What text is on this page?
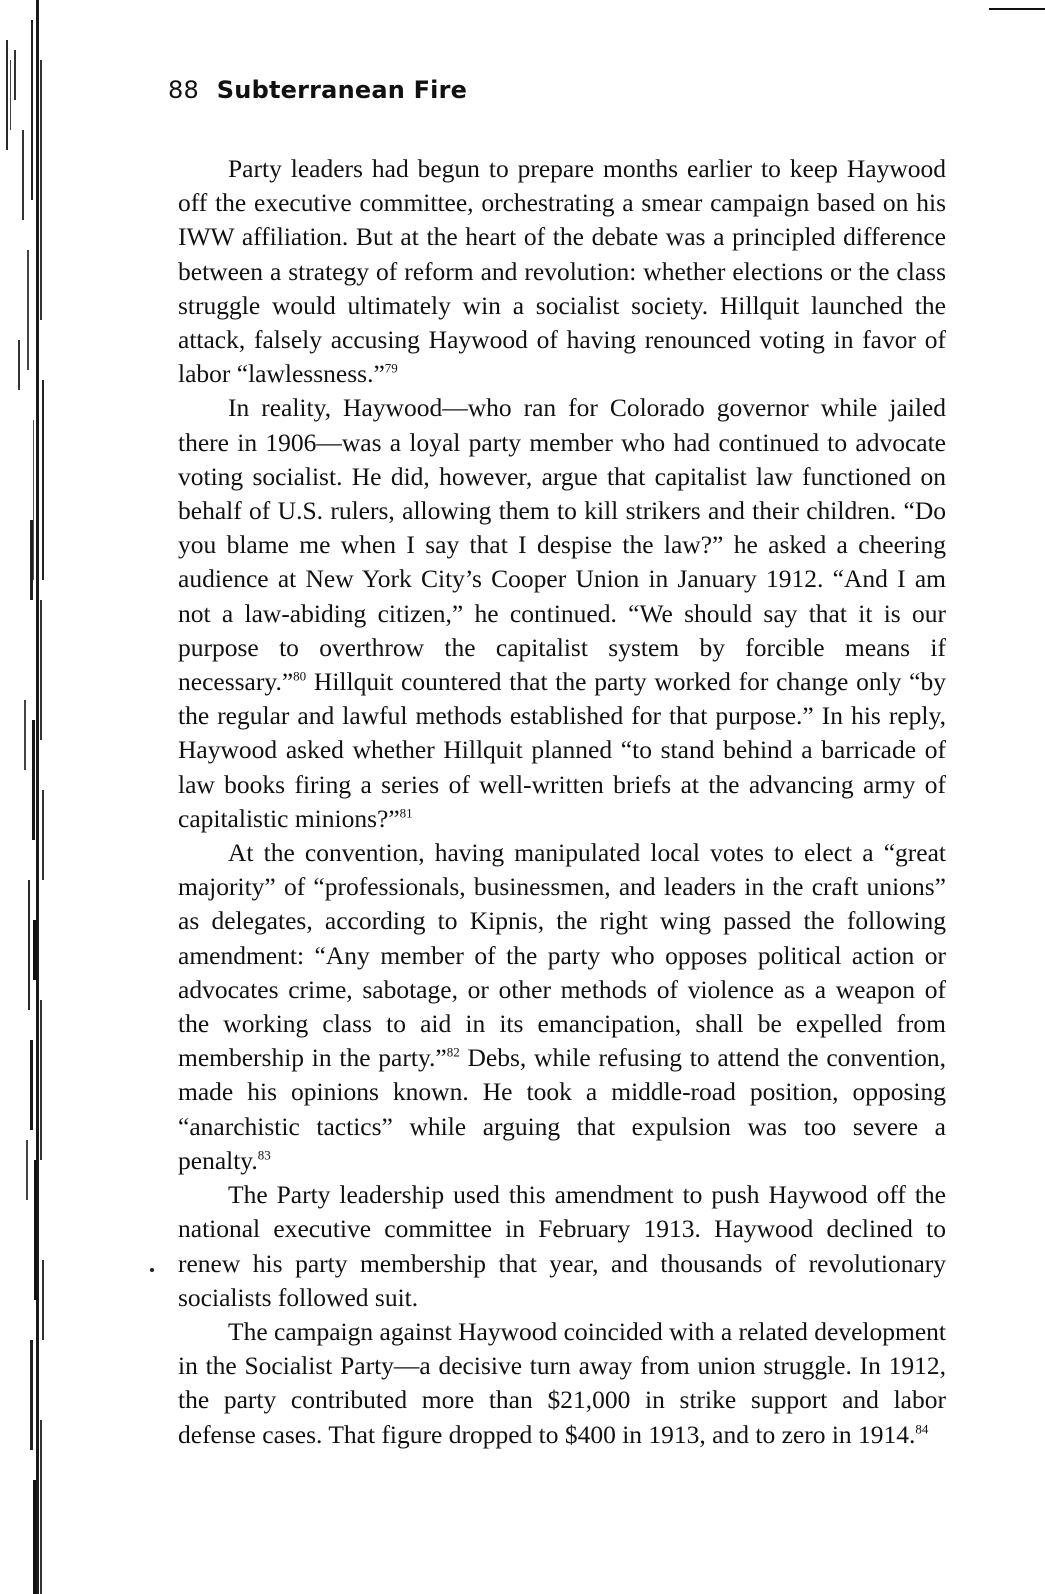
88 Subterranean Fire

Party leaders had begun to prepare months earlier to keep Haywood off the executive committee, orchestrating a smear campaign based on his IWW affiliation. But at the heart of the debate was a principled difference between a strategy of reform and revolution: whether elections or the class struggle would ultimately win a socialist society. Hillquit launched the attack, falsely accusing Haywood of having renounced voting in favor of labor “lawlessness.”$^{79}$

In reality, Haywood—who ran for Colorado governor while jailed there in 1906—was a loyal party member who had continued to advocate voting socialist. He did, however, argue that capitalist law functioned on behalf of U.S. rulers, allowing them to kill strikers and their children. “Do you blame me when I say that I despise the law?” he asked a cheering audience at New York City’s Cooper Union in January 1912. “And I am not a law-abiding citizen,” he continued. “We should say that it is our purpose to overthrow the capitalist system by forcible means if necessary.”$^{80}$ Hillquit countered that the party worked for change only “by the regular and lawful methods established for that purpose.” In his reply, Haywood asked whether Hillquit planned “to stand behind a barricade of law books firing a series of well-written briefs at the advancing army of capitalistic minions?”$^{81}$

At the convention, having manipulated local votes to elect a “great majority” of “professionals, businessmen, and leaders in the craft unions” as delegates, according to Kipnis, the right wing passed the following amendment: “Any member of the party who opposes political action or advocates crime, sabotage, or other methods of violence as a weapon of the working class to aid in its emancipation, shall be expelled from membership in the party.”$^{82}$ Debs, while refusing to attend the convention, made his opinions known. He took a middle-road position, opposing “anarchistic tactics” while arguing that expulsion was too severe a penalty.$^{83}$

The Party leadership used this amendment to push Haywood off the national executive committee in February 1913. Haywood declined to renew his party membership that year, and thousands of revolutionary socialists followed suit.

The campaign against Haywood coincided with a related development in the Socialist Party—a decisive turn away from union struggle. In 1912, the party contributed more than $21,000 in strike support and labor defense cases. That figure dropped to $400 in 1913, and to zero in 1914.84
